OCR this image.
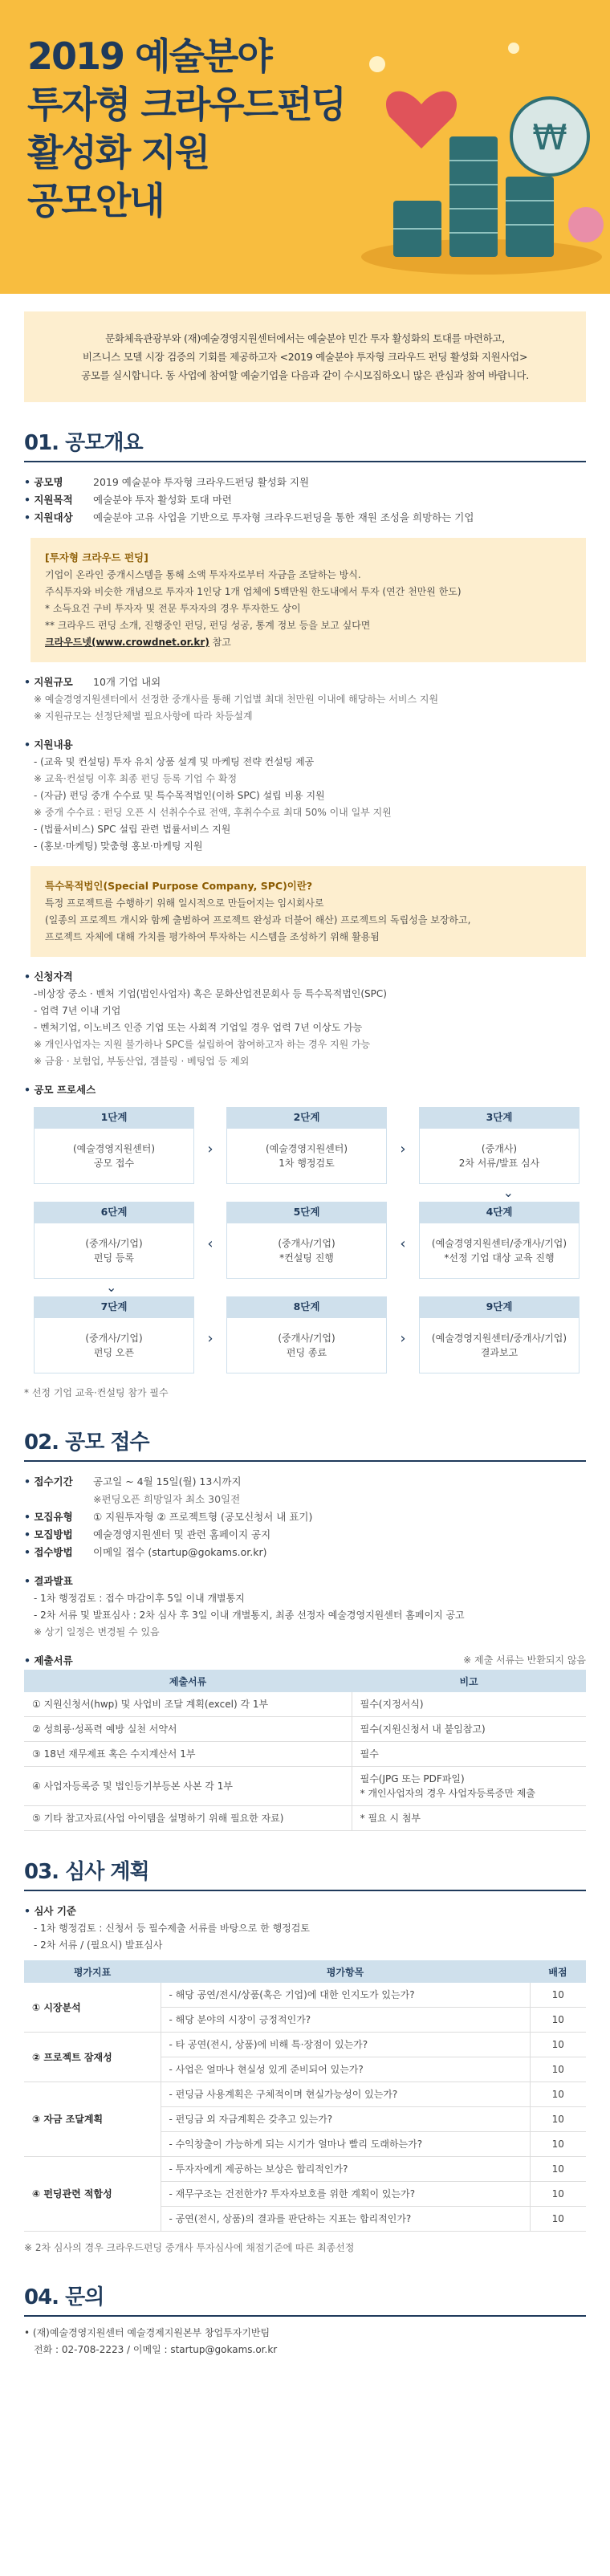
2019 예술분야
투자형 크라우드펀딩
활성화 지원
공모안내
₩

문화체육관광부와 (재)예술경영지원센터에서는 예술분야 민간 투자 활성화의 토대를 마련하고,

비즈니스 모델 시장 검증의 기회를 제공하고자 <2019 예술분야 투자형 크라우드 펀딩 활성화 지원사업>

공모를 실시합니다. 동 사업에 참여할 예술기업을 다음과 같이 수시모집하오니 많은 관심과 참여 바랍니다.

01. 공모개요
• 공모명	2019 예술분야 투자형 크라우드펀딩 활성화 지원
• 지원목적	예술분야 투자 활성화 토대 마련
• 지원대상	예술분야 고유 사업을 기반으로 투자형 크라우드펀딩을 통한 재원 조성을 희망하는 기업
[투자형 크라우드 펀딩]
기업이 온라인 중개시스템을 통해 소액 투자자로부터 자금을 조달하는 방식.
주식투자와 비슷한 개념으로 투자자 1인당 1개 업체에 5백만원 한도내에서 투자 (연간 천만원 한도)
* 소득요건 구비 투자자 및 전문 투자자의 경우 투자한도 상이
** 크라우드 펀딩 소개, 진행중인 펀딩, 펀딩 성공, 통계 정보 등을 보고 싶다면
크라우드넷(www.crowdnet.or.kr) 참고
• 지원규모	10개 기업 내외
※ 예술경영지원센터에서 선정한 중개사를 통해 기업별 최대 천만원 이내에 해당하는 서비스 지원
※ 지원규모는 선정단체별 필요사항에 따라 차등설계
• 지원내용
- (교육 및 컨설팅) 투자 유치 상품 설계 및 마케팅 전략 컨설팅 제공
※ 교육·컨설팅 이후 최종 펀딩 등록 기업 수 확정
- (자금) 펀딩 중개 수수료 및 특수목적법인(이하 SPC) 설립 비용 지원
※ 중개 수수료 : 펀딩 오픈 시 선취수수료 전액, 후취수수료 최대 50% 이내 일부 지원
- (법률서비스) SPC 설립 관련 법률서비스 지원
- (홍보·마케팅) 맞춤형 홍보·마케팅 지원
특수목적법인(Special Purpose Company, SPC)이란?
특정 프로젝트를 수행하기 위해 일시적으로 만들어지는 임시회사로
(일종의 프로젝트 개시와 함께 출범하여 프로젝트 완성과 더불어 해산) 프로젝트의 독립성을 보장하고,
프로젝트 자체에 대해 가치를 평가하여 투자하는 시스템을 조성하기 위해 활용됨
• 신청자격
-비상장 중소 · 벤처 기업(법인사업자) 혹은 문화산업전문회사 등 특수목적법인(SPC)
- 업력 7년 이내 기업
- 벤처기업, 이노비즈 인증 기업 또는 사회적 기업일 경우 업력 7년 이상도 가능
※ 개인사업자는 지원 불가하나 SPC를 설립하여 참여하고자 하는 경우 지원 가능
※ 금융 · 보험업, 부동산업, 겜블링 · 베팅업 등 제외
• 공모 프로세스
1단계
(예술경영지원센터)
공모 접수
›
2단계
(예술경영지원센터)
1차 행정검토
›
3단계
(중개사)
2차 서류/발표 심사
⌄
6단계
(중개사/기업)
펀딩 등록
‹
5단계
(중개사/기업)
*컨설팅 진행
‹
4단계
(예술경영지원센터/중개사/기업)
*선정 기업 대상 교육 진행
⌄
7단계
(중개사/기업)
펀딩 오픈
›
8단계
(중개사/기업)
펀딩 종료
›
9단계
(예술경영지원센터/중개사/기업)
결과보고
* 선정 기업 교육·컨설팅 참가 필수
02. 공모 접수
• 접수기간	공고일 ~ 4월 15일(월) 13시까지
※펀딩오픈 희망일자 최소 30일전
• 모집유형	① 지원투자형 ② 프로젝트형 (공모신청서 내 표기)
• 모집방법	예술경영지원센터 및 관련 홈페이지 공지
• 접수방법	이메일 접수 (startup@gokams.or.kr)
• 결과발표
- 1차 행정검토 : 접수 마감이후 5일 이내 개별통지
- 2차 서류 및 발표심사 : 2차 심사 후 3일 이내 개별통지, 최종 선정자 예술경영지원센터 홈페이지 공고
※ 상기 일정은 변경될 수 있음
• 제출서류	※ 제출 서류는 반환되지 않음
제출서류	비고
① 지원신청서(hwp) 및 사업비 조달 계획(excel) 각 1부	필수(지정서식)
② 성희롱·성폭력 예방 실천 서약서	필수(지원신청서 내 붙임참고)
③ 18년 재무제표 혹은 수지계산서 1부	필수
④ 사업자등록증 및 법인등기부등본 사본 각 1부	필수(JPG 또는 PDF파일)
* 개인사업자의 경우 사업자등록증만 제출
⑤ 기타 참고자료(사업 아이템을 설명하기 위해 필요한 자료)	* 필요 시 첨부
03. 심사 계획
• 심사 기준
- 1차 행정검토 : 신청서 등 필수제출 서류를 바탕으로 한 행정검토
- 2차 서류 / (필요시) 발표심사
평가지표	평가항목	배점
① 시장분석	- 해당 공연/전시/상품(혹은 기업)에 대한 인지도가 있는가?	10
	- 해당 분야의 시장이 긍정적인가?	10
② 프로젝트 잠재성	- 타 공연(전시, 상품)에 비해 특·장점이 있는가?	10
	- 사업은 얼마나 현실성 있게 준비되어 있는가?	10
③ 자금 조달계획	- 펀딩금 사용계획은 구체적이며 현실가능성이 있는가?	10
	- 펀딩금 외 자금계획은 갖추고 있는가?	10
	- 수익창출이 가능하게 되는 시기가 얼마나 빨리 도래하는가?	10
④ 펀딩관련 적합성	- 투자자에게 제공하는 보상은 합리적인가?	10
	- 재무구조는 건전한가? 투자자보호를 위한 계획이 있는가?	10
	- 공연(전시, 상품)의 결과를 판단하는 지표는 합리적인가?	10
※ 2차 심사의 경우 크라우드펀딩 중개사 투자심사에 채점기준에 따른 최종선정
04. 문의
• (재)예술경영지원센터 예술경제지원본부 창업투자기반팀
전화 : 02-708-2223 / 이메일 : startup@gokams.or.kr
